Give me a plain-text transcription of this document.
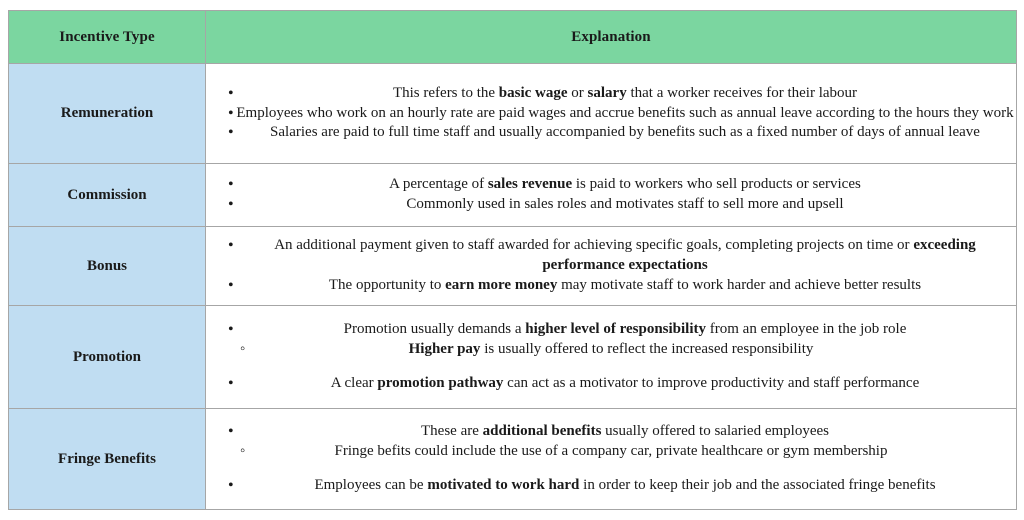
Incentive Type	Explanation
Remuneration	
• This refers to the basic wage or salary that a worker receives for their labour
• Employees who work on an hourly rate are paid wages and accrue benefits such as annual leave according to the hours they work
• Salaries are paid to full time staff and usually accompanied by benefits such as a fixed number of days of annual leave

Commission	
• A percentage of sales revenue is paid to workers who sell products or services
• Commonly used in sales roles and motivates staff to sell more and upsell

Bonus	
• An additional payment given to staff awarded for achieving specific goals, completing projects on time or exceeding performance expectations
• The opportunity to earn more money may motivate staff to work harder and achieve better results

Promotion	
• Promotion usually demands a higher level of responsibility from an employee in the job role
◦ Higher pay is usually offered to reflect the increased responsibility
• A clear promotion pathway can act as a motivator to improve productivity and staff performance

Fringe Benefits	
• These are additional benefits usually offered to salaried employees
◦ Fringe befits could include the use of a company car, private healthcare or gym membership
• Employees can be motivated to work hard in order to keep their job and the associated fringe benefits
